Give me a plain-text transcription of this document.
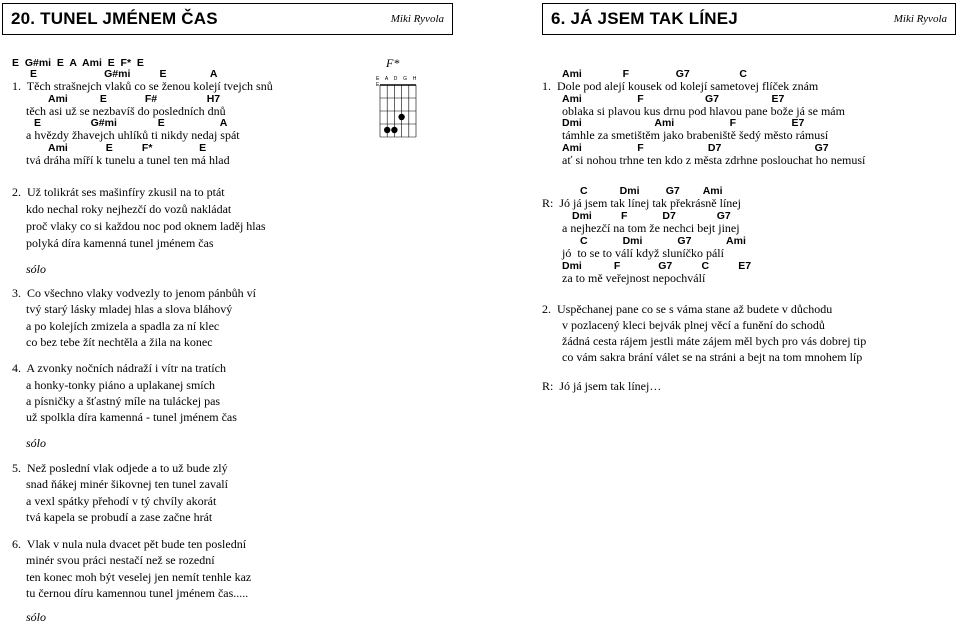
20. TUNEL JMÉNEM ČAS	Miki Ryvola	6. JÁ JSEM TAK LÍNEJ	Miki Ryvola
E  G#mi  E  A  Ami  E  F*  E
E                       G#mi          E               A
1.  Těch strašnejch vlaků co se ženou kolejí tvejch snů
Ami           E             F#                 H7
těch asi už se nezbavíš do posledních dnů
E                 G#mi              E                   A
a hvězdy žhavejch uhlíků ti nikdy nedaj spát
Ami             E          F*                E
tvá dráha míří k tunelu a tunel ten má hlad
2.  Už tolikrát ses mašinfíry zkusil na to ptát
kdo nechal roky nejhezčí do vozů nakládat
proč vlaky co si každou noc pod oknem laděj hlas
polyká díra kamenná tunel jménem čas
sólo
3.  Co všechno vlaky vodvezly to jenom pánbůh ví
tvý starý lásky mladej hlas a slova bláhový
a po kolejích zmizela a spadla za ní klec
co bez tebe žít nechtěla a žila na konec
4.  A zvonky nočních nádraží i vítr na tratích
a honky-tonky piáno a uplakanej smích
a písničky a šťastný míle na tuláckej pas
už spolkla díra kamenná - tunel jménem čas
sólo
5.  Než poslední vlak odjede a to už bude zlý
snad ňákej minér šikovnej ten tunel zavalí
a vexl spátky přehodí v tý chvíly akorát
tvá kapela se probudí a zase začne hrát
6.  Vlak v nula nula dvacet pět bude ten poslední
minér svou práci nestačí než se rozední
ten konec moh být veselej jen nemít tenhle kaz
tu černou díru kamennou tunel jménem čas.....
sólo
F*
E A D G H E
Ami              F                G7                 C
1.  Dole pod alejí kousek od kolejí sametovej flíček znám
Ami                   F                     G7                  E7
oblaka si plavou kus drnu pod hlavou pane bože já se mám
Dmi                         Ami                   F                   E7
támhle za smetištěm jako brabeniště šedý město rámusí
Ami                   F                      D7                                G7
ať si nohou trhne ten kdo z města zdrhne poslouchat ho nemusí
C           Dmi         G7        Ami
R:  Jó já jsem tak línej tak překrásně línej
Dmi          F            D7              G7
a nejhezčí na tom že nechci bejt jinej
C            Dmi            G7            Ami
jó  to se to válí když sluníčko pálí
Dmi           F             G7          C          E7
za to mě veřejnost nepochválí
2.  Uspěchanej pane co se s váma stane až budete v důchodu
v pozlacený kleci bejvák plnej věcí a funění do schodů
žádná cesta rájem jestli máte zájem měl bych pro vás dobrej tip
co vám sakra brání válet se na stráni a bejt na tom mnohem líp
R:  Jó já jsem tak línej…
